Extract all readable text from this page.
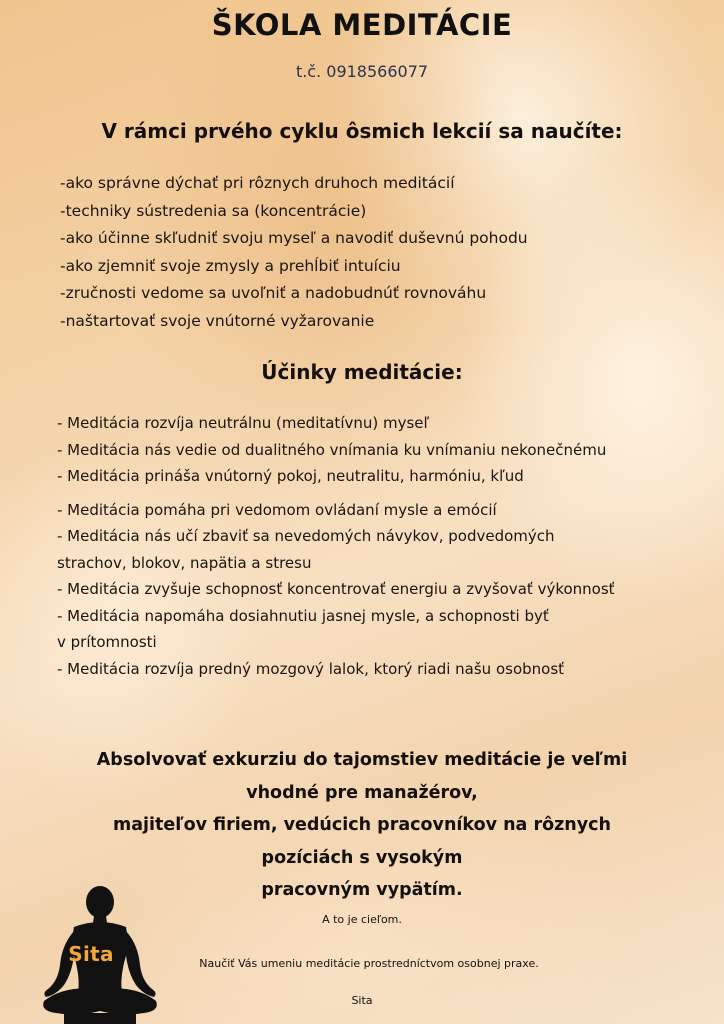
ŠKOLA MEDITÁCIE
t.č. 0918566077
V rámci prvého cyklu ôsmich lekcií sa naučíte:
-ako správne dýchať pri rôznych druhoch meditácií
-techniky sústredenia sa (koncentrácie)
-ako účinne skľudniť svoju myseľ a navodiť duševnú pohodu
-ako zjemniť svoje zmysly a prehĺbiť intuíciu
-zručnosti vedome sa uvoľniť a nadobudnúť rovnováhu
-naštartovať svoje vnútorné vyžarovanie
Účinky meditácie:
- Meditácia rozvíja neutrálnu (meditatívnu) myseľ
- Meditácia nás vedie od dualitného vnímania ku vnímaniu nekonečnému
- Meditácia prináša vnútorný pokoj, neutralitu, harmóniu, kľud
- Meditácia pomáha pri vedomom ovládaní mysle a emócií
- Meditácia nás učí zbaviť sa nevedomých návykov, podvedomých
strachov, blokov, napätia a stresu
- Meditácia zvyšuje schopnosť koncentrovať energiu a zvyšovať výkonnosť
- Meditácia napomáha dosiahnutiu jasnej mysle, a schopnosti byť
v prítomnosti
- Meditácia rozvíja predný mozgový lalok, ktorý riadi našu osobnosť
Absolvovať exkurziu do tajomstiev meditácie je veľmi
vhodné pre manažérov,
majiteľov firiem, vedúcich pracovníkov na rôznych
pozíciách s vysokým
pracovným vypätím.
A to je cieľom.
Naučiť Vás umeniu meditácie prostredníctvom osobnej praxe.
Sita
Sita
